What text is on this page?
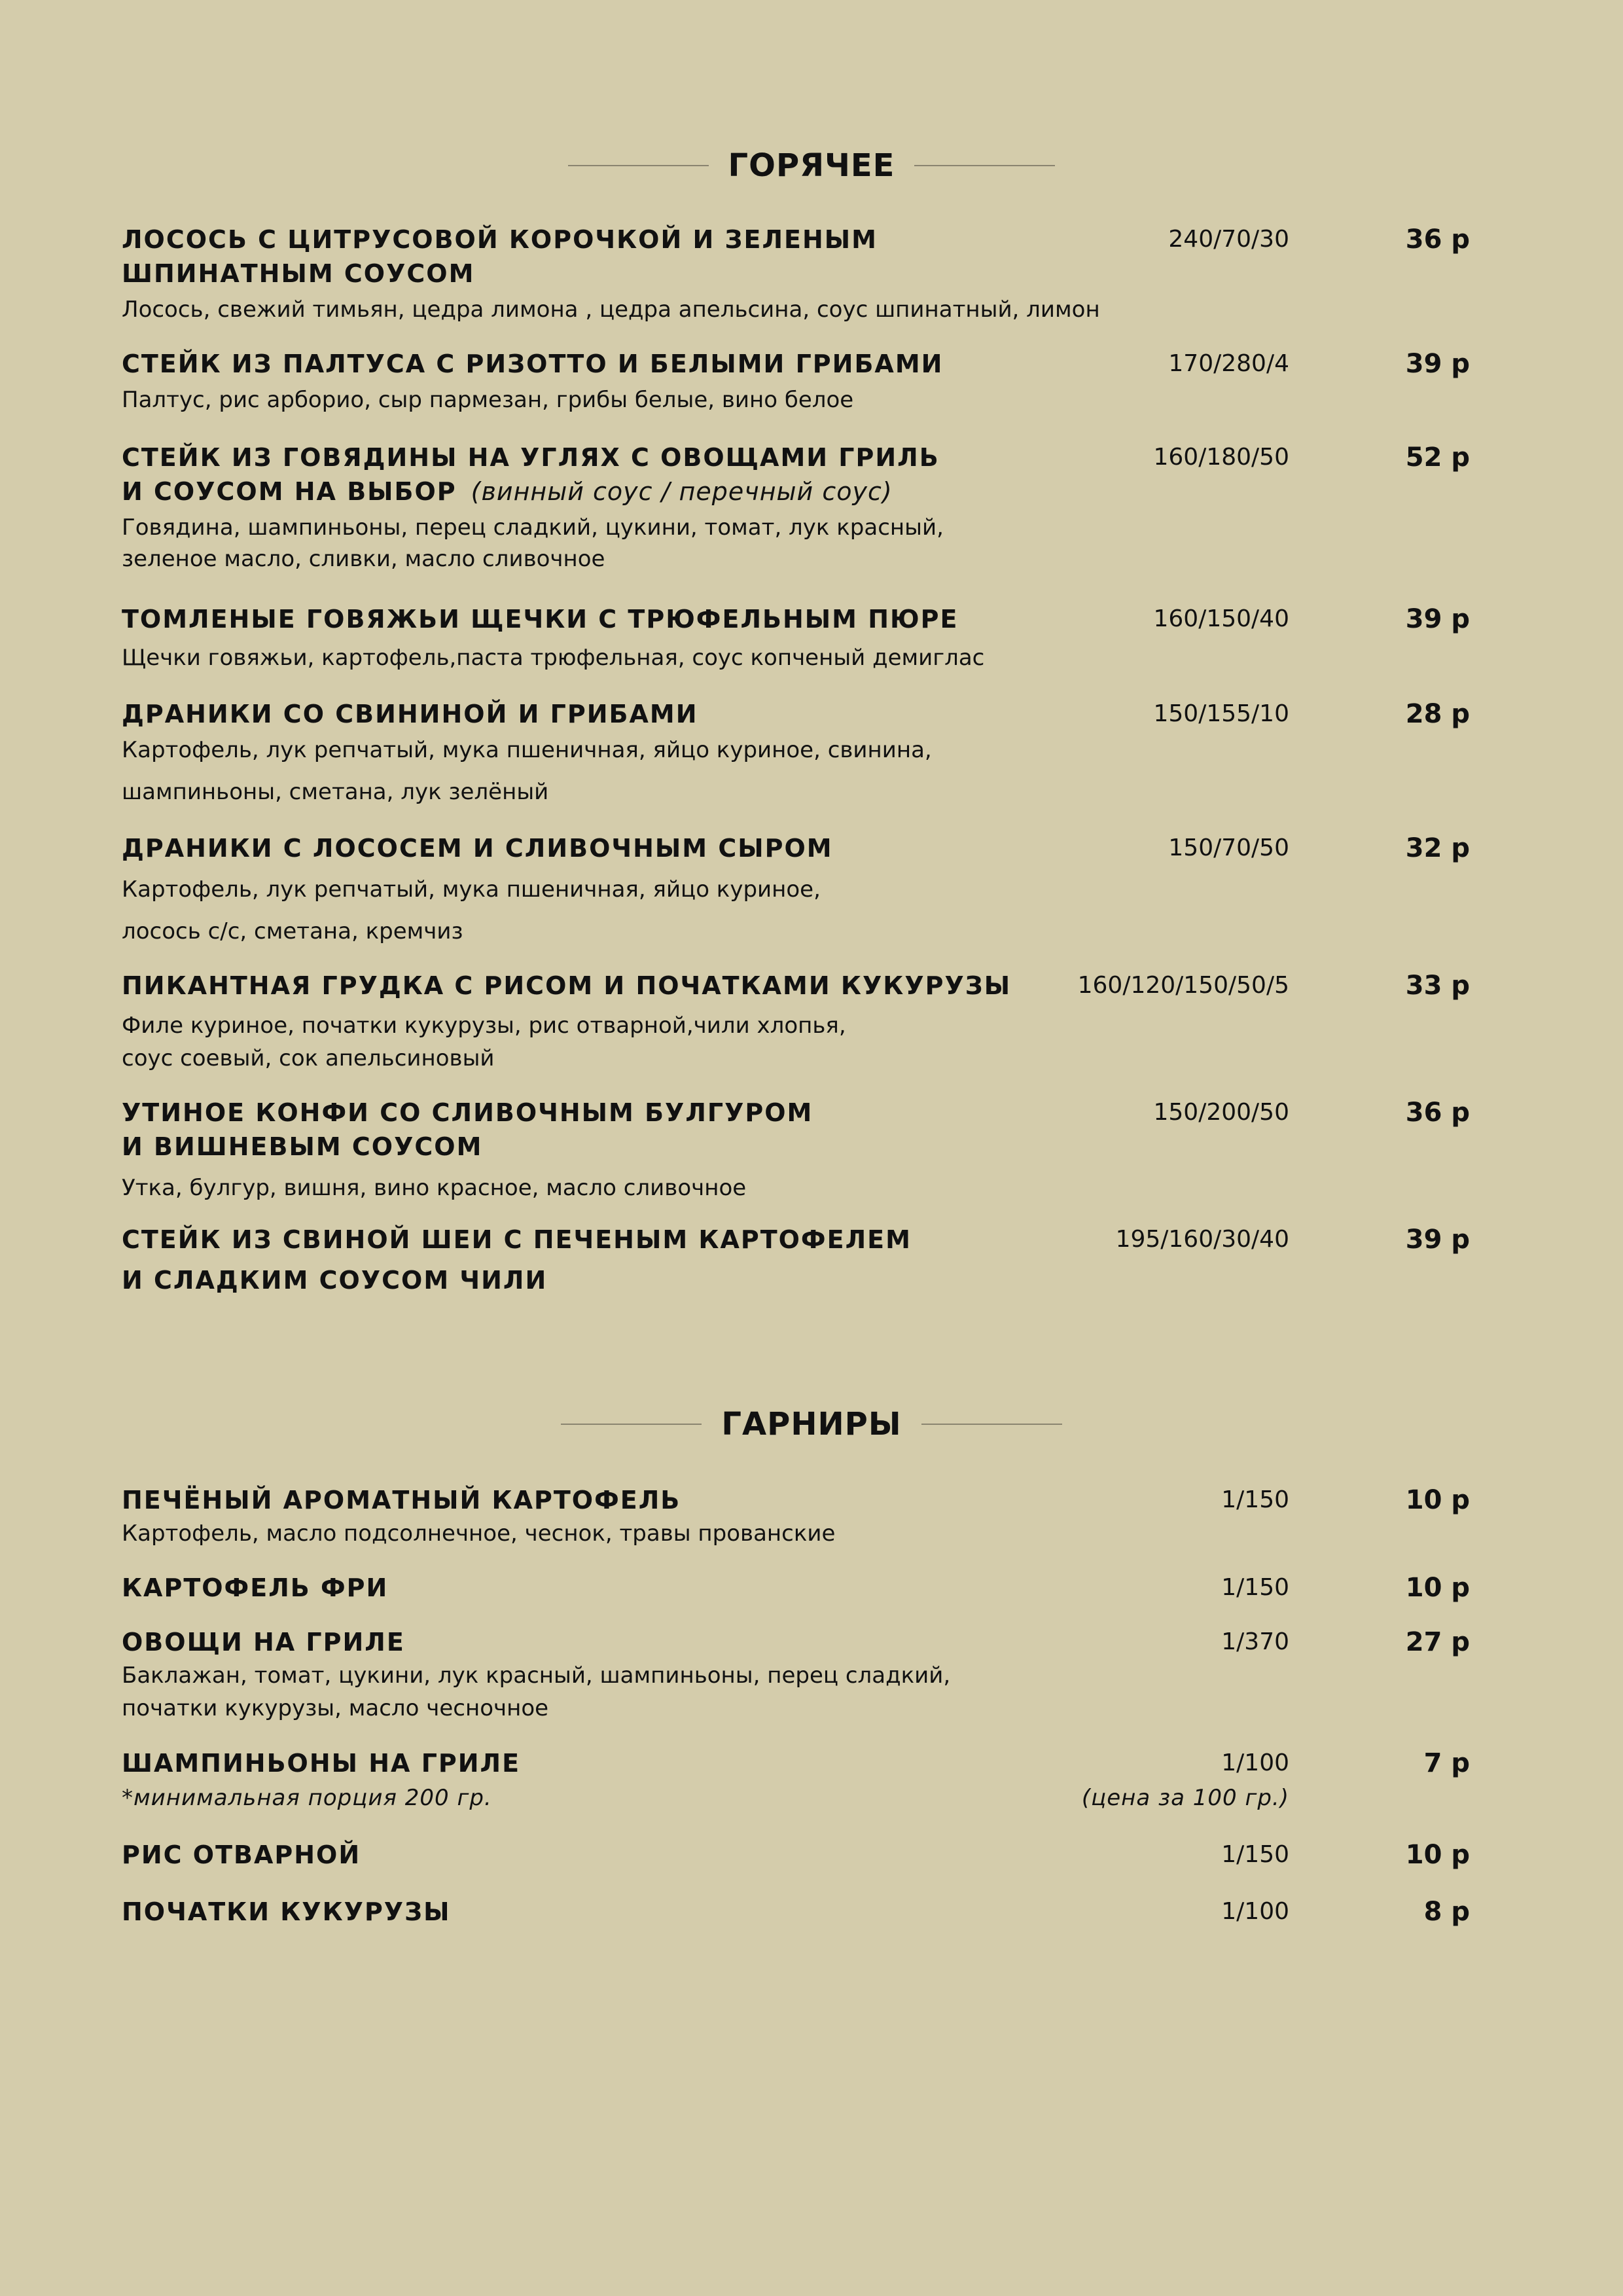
ГОРЯЧЕЕ
ЛОСОСЬ С ЦИТРУСОВОЙ КОРОЧКОЙ И ЗЕЛЕНЫМ
ШПИНАТНЫМ СОУСОМ
Лосось, свежий тимьян, цедра лимона , цедра апельсина, соус шпинатный, лимон
240/70/30	36 р
СТЕЙК ИЗ ПАЛТУСА С РИЗОТТО И БЕЛЫМИ ГРИБАМИ
Палтус, рис арборио, сыр пармезан, грибы белые, вино белое
170/280/4	39 р
СТЕЙК ИЗ ГОВЯДИНЫ НА УГЛЯХ С ОВОЩАМИ ГРИЛЬ
И СОУСОМ НА ВЫБОР (винный соус / перечный соус)
Говядина, шампиньоны, перец сладкий, цукини, томат, лук красный,
зеленое масло, сливки, масло сливочное
160/180/50	52 р
ТОМЛЕНЫЕ ГОВЯЖЬИ ЩЕЧКИ С ТРЮФЕЛЬНЫМ ПЮРЕ
Щечки говяжьи, картофель,паста трюфельная, соус копченый демиглас
160/150/40	39 р
ДРАНИКИ СО СВИНИНОЙ И ГРИБАМИ
Картофель, лук репчатый, мука пшеничная, яйцо куриное, свинина,
шампиньоны, сметана, лук зелёный
150/155/10	28 р
ДРАНИКИ С ЛОСОСЕМ И СЛИВОЧНЫМ СЫРОМ
Картофель, лук репчатый, мука пшеничная, яйцо куриное,
лосось с/с, сметана, кремчиз
150/70/50	32 р
ПИКАНТНАЯ ГРУДКА С РИСОМ И ПОЧАТКАМИ КУКУРУЗЫ
Филе куриное, початки кукурузы, рис отварной,чили хлопья,
соус соевый, сок апельсиновый
160/120/150/50/5	33 р
УТИНОЕ КОНФИ СО СЛИВОЧНЫМ БУЛГУРОМ
И ВИШНЕВЫМ СОУСОМ
Утка, булгур, вишня, вино красное, масло сливочное
150/200/50	36 р
СТЕЙК ИЗ СВИНОЙ ШЕИ С ПЕЧЕНЫМ КАРТОФЕЛЕМ
И СЛАДКИМ СОУСОМ ЧИЛИ
195/160/30/40	39 р
ГАРНИРЫ
ПЕЧЁНЫЙ АРОМАТНЫЙ КАРТОФЕЛЬ
Картофель, масло подсолнечное, чеснок, травы прованские
1/150	10 р
КАРТОФЕЛЬ ФРИ	1/150	10 р
ОВОЩИ НА ГРИЛЕ
Баклажан, томат, цукини, лук красный, шампиньоны, перец сладкий,
початки кукурузы, масло чесночное
1/370	27 р
ШАМПИНЬОНЫ НА ГРИЛЕ
*минимальная порция 200 гр.	(цена за 100 гр.)
1/100	7 р
РИС ОТВАРНОЙ	1/150	10 р
ПОЧАТКИ КУКУРУЗЫ	1/100	8 р
